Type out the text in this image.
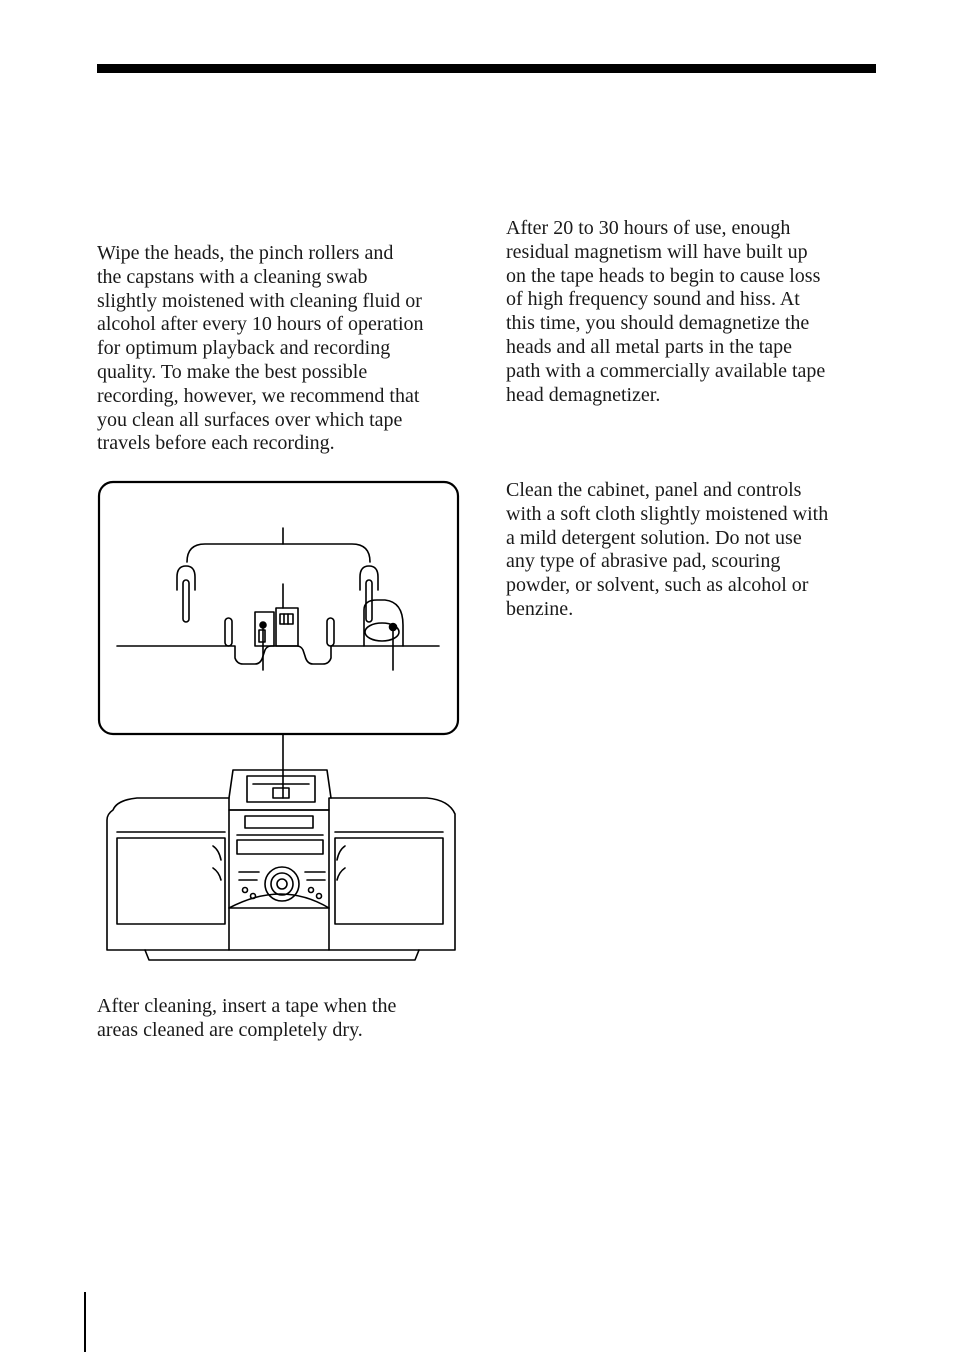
Wipe the heads, the pinch rollers and
the capstans with a cleaning swab
slightly moistened with cleaning fluid or
alcohol after every 10 hours of operation
for optimum playback and recording
quality. To make the best possible
recording, however, we recommend that
you clean all surfaces over which tape
travels before each recording.

After cleaning, insert a tape when the
areas cleaned are completely dry.

After 20 to 30 hours of use, enough
residual magnetism will have built up
on the tape heads to begin to cause loss
of high frequency sound and hiss. At
this time, you should demagnetize the
heads and all metal parts in the tape
path with a commercially available tape
head demagnetizer.

Clean the cabinet, panel and controls
with a soft cloth slightly moistened with
a mild detergent solution. Do not use
any type of abrasive pad, scouring
powder, or solvent, such as alcohol or
benzine.
